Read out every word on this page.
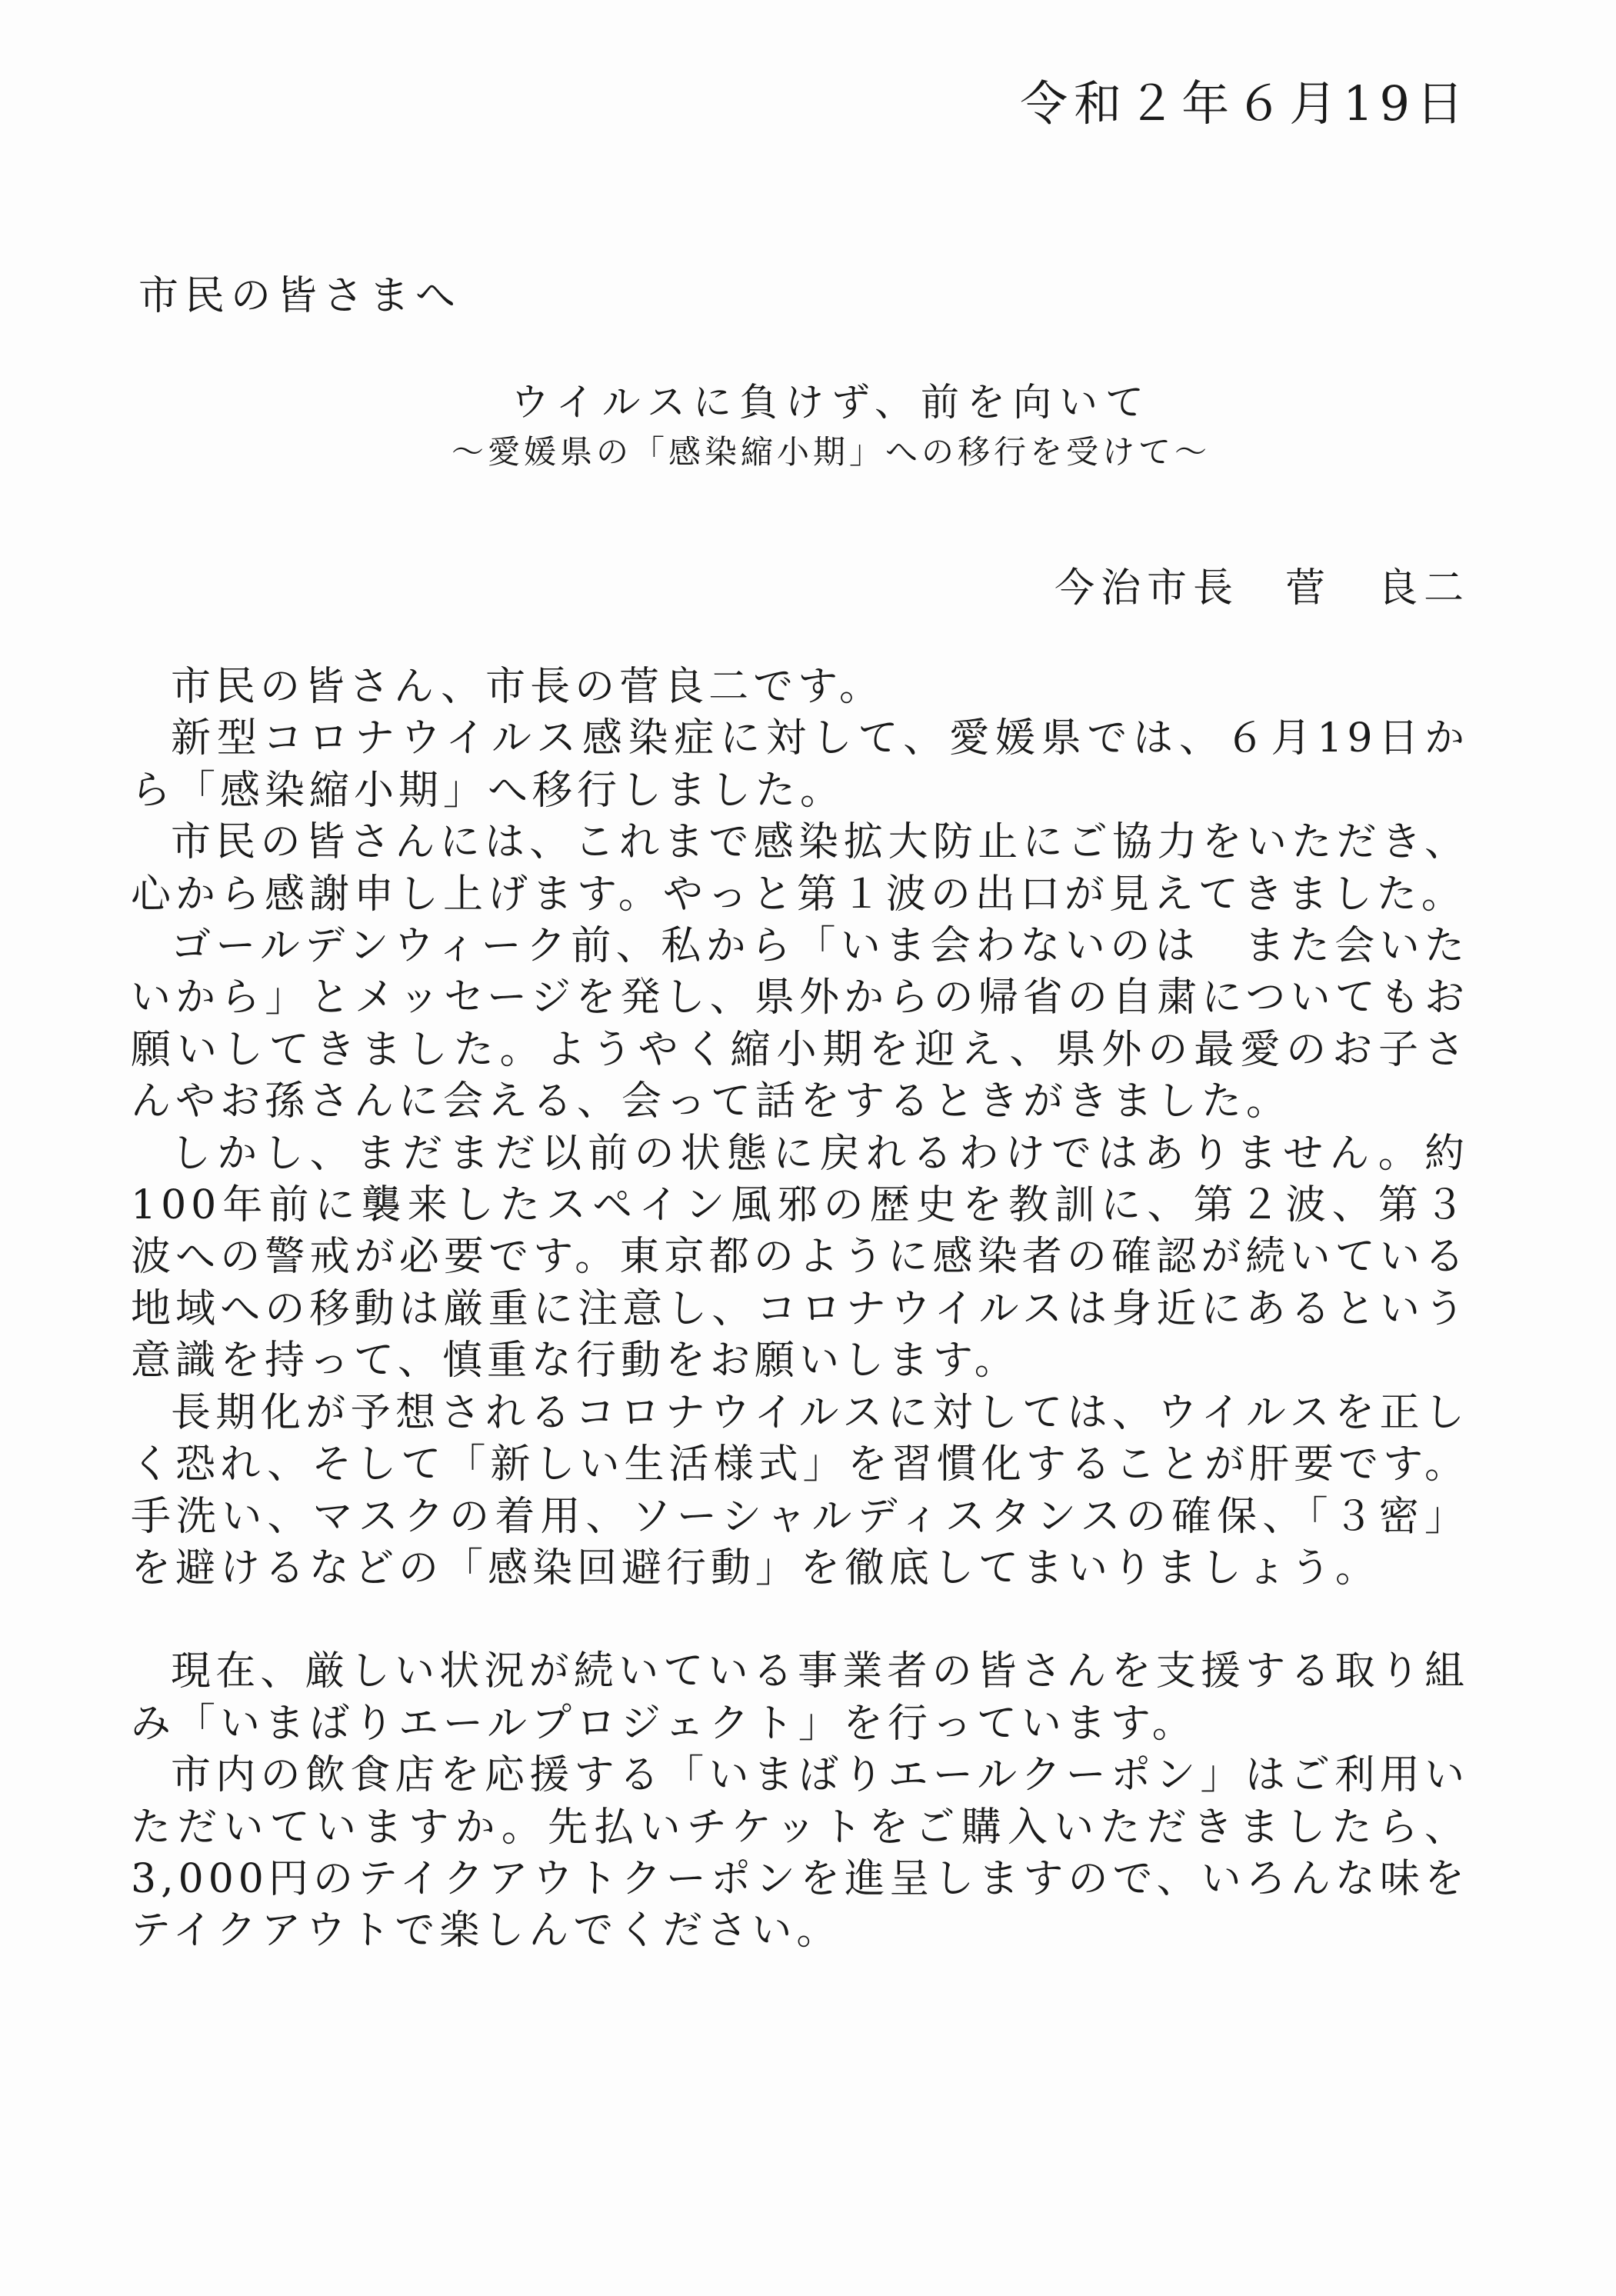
令和２年６月19日
市民の皆さまへ
ウイルスに負けず、前を向いて
～愛媛県の「感染縮小期」への移行を受けて～
今治市長　菅　良二

市民の皆さん、市長の菅良二です。

新型コロナウイルス感染症に対して、愛媛県では、６月19日から「感染縮小期」へ移行しました。

市民の皆さんには、これまで感染拡大防止にご協力をいただき、心から感謝申し上げます。やっと第１波の出口が見えてきました。

ゴールデンウィーク前、私から「いま会わないのは　また会いたいから」とメッセージを発し、県外からの帰省の自粛についてもお願いしてきました。ようやく縮小期を迎え、県外の最愛のお子さんやお孫さんに会える、会って話をするときがきました。

しかし、まだまだ以前の状態に戻れるわけではありません。約100年前に襲来したスペイン風邪の歴史を教訓に、第２波、第３波への警戒が必要です。東京都のように感染者の確認が続いている地域への移動は厳重に注意し、コロナウイルスは身近にあるという意識を持って、慎重な行動をお願いします。

長期化が予想されるコロナウイルスに対しては、ウイルスを正しく恐れ、そして「新しい生活様式」を習慣化することが肝要です。手洗い、マスクの着用、ソーシャルディスタンスの確保、「３密」を避けるなどの「感染回避行動」を徹底してまいりましょう。

現在、厳しい状況が続いている事業者の皆さんを支援する取り組み「いまばりエールプロジェクト」を行っています。

市内の飲食店を応援する「いまばりエールクーポン」はご利用いただいていますか。先払いチケットをご購入いただきましたら、3,000円のテイクアウトクーポンを進呈しますので、いろんな味をテイクアウトで楽しんでください。
